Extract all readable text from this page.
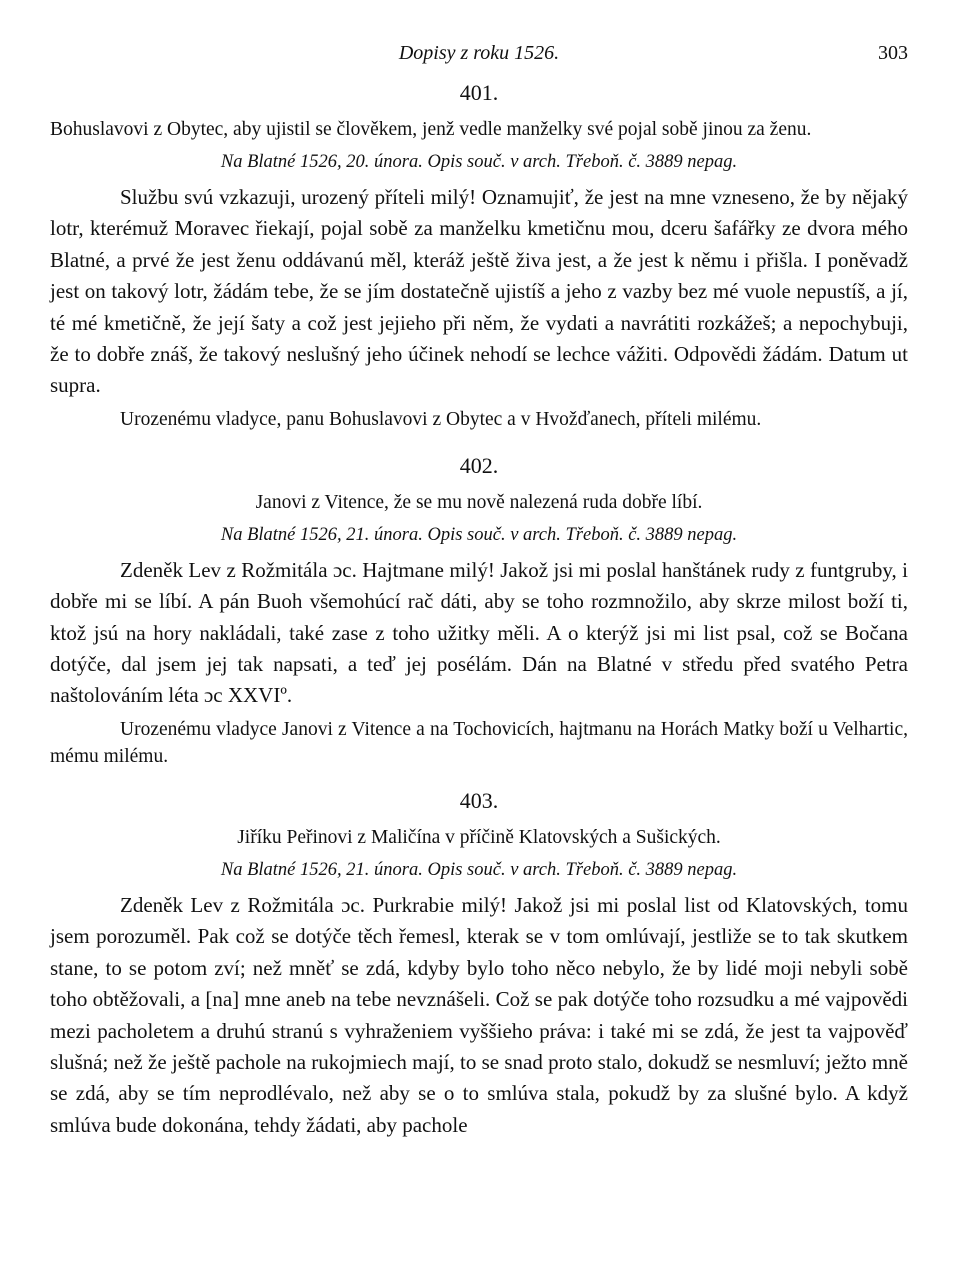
Dopisy z roku 1526.	303
401.

Bohuslavovi z Obytec, aby ujistil se člověkem, jenž vedle manželky své pojal sobě jinou za ženu.

Na Blatné 1526, 20. února. Opis souč. v arch. Třeboň. č. 3889 nepag.

Službu svú vzkazuji, urozený příteli milý! Oznamujiť, že jest na mne vzneseno, že by nějaký lotr, kterémuž Moravec řiekají, pojal sobě za manželku kmetičnu mou, dceru šafářky ze dvora mého Blatné, a prvé že jest ženu oddávanú měl, kteráž ještě živa jest, a že jest k němu i přišla. I poněvadž jest on takový lotr, žádám tebe, že se jím dostatečně ujistíš a jeho z vazby bez mé vuole nepustíš, a jí, té mé kmetičně, že její šaty a což jest jejieho při něm, že vydati a navrátiti rozkážeš; a nepochybuji, že to dobře znáš, že takový neslušný jeho účinek nehodí se lechce vážiti. Odpovědi žádám. Datum ut supra.

Urozenému vladyce, panu Bohuslavovi z Obytec a v Hvožďanech, příteli milému.

402.

Janovi z Vitence, že se mu nově nalezená ruda dobře líbí.

Na Blatné 1526, 21. února. Opis souč. v arch. Třeboň. č. 3889 nepag.

Zdeněk Lev z Rožmitála ɔc. Hajtmane milý! Jakož jsi mi poslal hanštánek rudy z funtgruby, i dobře mi se líbí. A pán Buoh všemohúcí rač dáti, aby se toho rozmnožilo, aby skrze milost boží ti, ktož jsú na hory nakládali, také zase z toho užitky měli. A o kterýž jsi mi list psal, což se Bočana dotýče, dal jsem jej tak napsati, a teď jej posélám. Dán na Blatné v středu před svatého Petra naštolováním léta ɔc XXVIº.

Urozenému vladyce Janovi z Vitence a na Tochovicích, hajtmanu na Horách Matky boží u Velhartic, mému milému.

403.

Jiříku Peřinovi z Maličína v příčině Klatovských a Sušických.

Na Blatné 1526, 21. února. Opis souč. v arch. Třeboň. č. 3889 nepag.

Zdeněk Lev z Rožmitála ɔc. Purkrabie milý! Jakož jsi mi poslal list od Klatovských, tomu jsem porozuměl. Pak což se dotýče těch řemesl, kterak se v tom omlúvají, jestliže se to tak skutkem stane, to se potom zví; než mněť se zdá, kdyby bylo toho něco nebylo, že by lidé moji nebyli sobě toho obtěžovali, a [na] mne aneb na tebe nevznášeli. Což se pak dotýče toho rozsudku a mé vajpovědi mezi pacholetem a druhú stranú s vyhraženiem vyššieho práva: i také mi se zdá, že jest ta vajpověď slušná; než že ještě pachole na rukojmiech mají, to se snad proto stalo, dokudž se nesmluví; ježto mně se zdá, aby se tím neprodlévalo, než aby se o to smlúva stala, pokudž by za slušné bylo. A když smlúva bude dokonána, tehdy žádati, aby pachole
